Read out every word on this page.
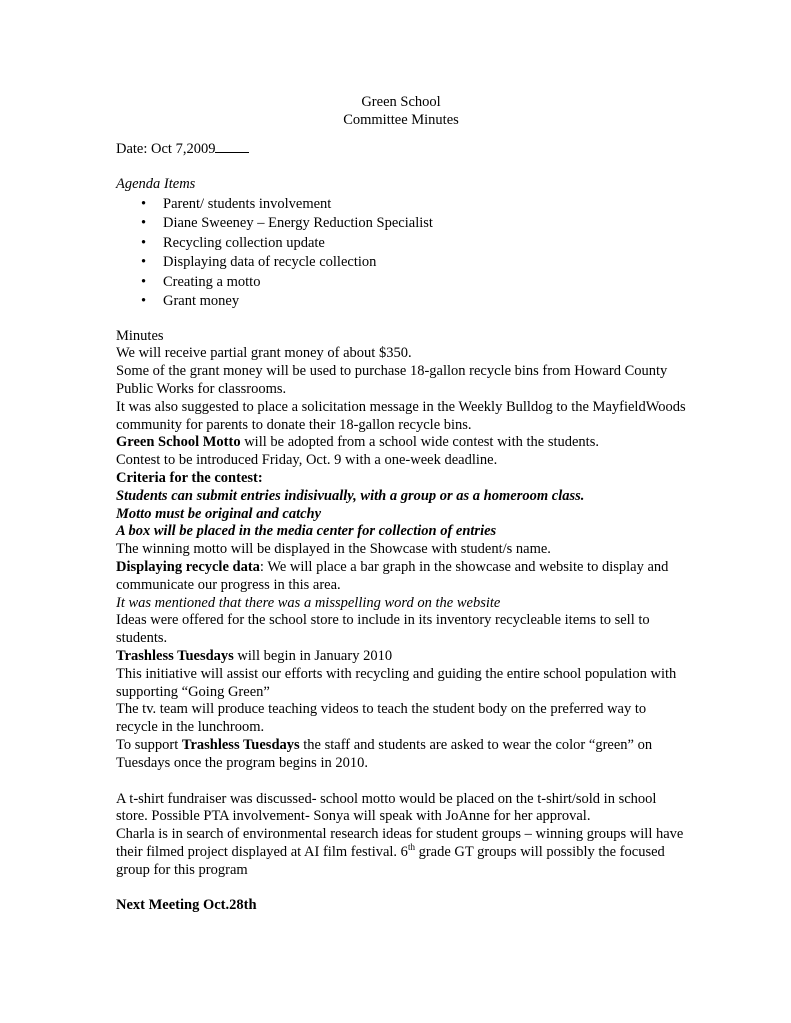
Green School
Committee Minutes
Date: Oct 7,2009
Agenda Items
• Parent/ students involvement
• Diane Sweeney – Energy Reduction Specialist
• Recycling collection update
• Displaying data of recycle collection
• Creating a motto
• Grant money
Minutes

We will receive partial grant money of about $350.

Some of the grant money will be used to purchase 18-gallon recycle bins from Howard County Public Works for classrooms.

It was also suggested to place a solicitation message in the Weekly Bulldog to the MayfieldWoods community for parents to donate their 18-gallon recycle bins.

Green School Motto will be adopted from a school wide contest with the students.

Contest to be introduced Friday, Oct. 9 with a one-week deadline.

Criteria for the contest:

Students can submit entries indisivually, with a group or as a homeroom class.

Motto must be original and catchy

A box will be placed in the media center for collection of entries

The winning motto will be displayed in the Showcase with student/s name.

Displaying recycle data: We will place a bar graph in the showcase and website to display and communicate our progress in this area.

It was mentioned that there was a misspelling word on the website

Ideas were offered for the school store to include in its inventory recycleable items to sell to students.

Trashless Tuesdays will begin in January 2010

This initiative will assist our efforts with recycling and guiding the entire school population with supporting “Going Green”

The tv. team will produce teaching videos to teach the student body on the preferred way to recycle in the lunchroom.

To support Trashless Tuesdays the staff and students are asked to wear the color “green” on Tuesdays once the program begins in 2010.

A t-shirt fundraiser was discussed- school motto would be placed on the t-shirt/sold in school store. Possible PTA involvement- Sonya will speak with JoAnne for her approval.

Charla is in search of environmental research ideas for student groups – winning groups will have their filmed project displayed at AI film festival. 6th grade GT groups will possibly the focused group for this program

Next Meeting Oct.28th
